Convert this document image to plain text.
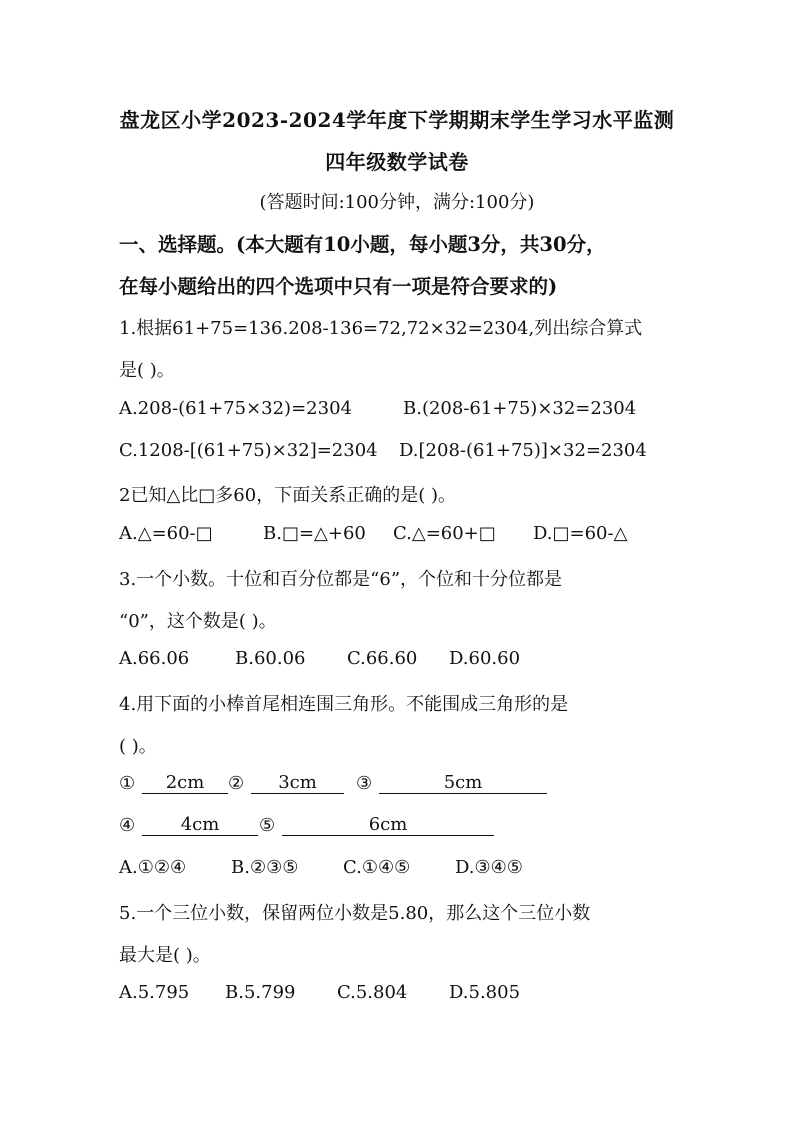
盘龙区小学2023-2024学年度下学期期末学生学习水平监测
四年级数学试卷
(答题时间:100分钟，满分:100分)
一、选择题。(本大题有10小题，每小题3分，共30分，
在每小题给出的四个选项中只有一项是符合要求的)
1.根据61+75=136.208-136=72,72×32=2304,列出综合算式
是( )。
A.208-(61+75×32)=2304	B.(208-61+75)×32=2304
C.1208-[(61+75)×32]=2304 D.[208-(61+75)]×32=2304
2已知△比□多60，下面关系正确的是( )。
A.△=60-□	B.□=△+60 C.△=60+□ D.□=60-△
3.一个小数。十位和百分位都是“6”，个位和十分位都是
“0”，这个数是( )。
A.66.06	B.60.06 C.66.60 D.60.60
4.用下面的小棒首尾相连围三角形。不能围成三角形的是
( )。
①	2cm	②	3cm	③	5cm
④	4cm	⑤	6cm
A.①②④ B.②③⑤ C.①④⑤ D.③④⑤
5.一个三位小数，保留两位小数是5.80，那么这个三位小数
最大是( )。
A.5.795 B.5.799 C.5.804 D.5.805
